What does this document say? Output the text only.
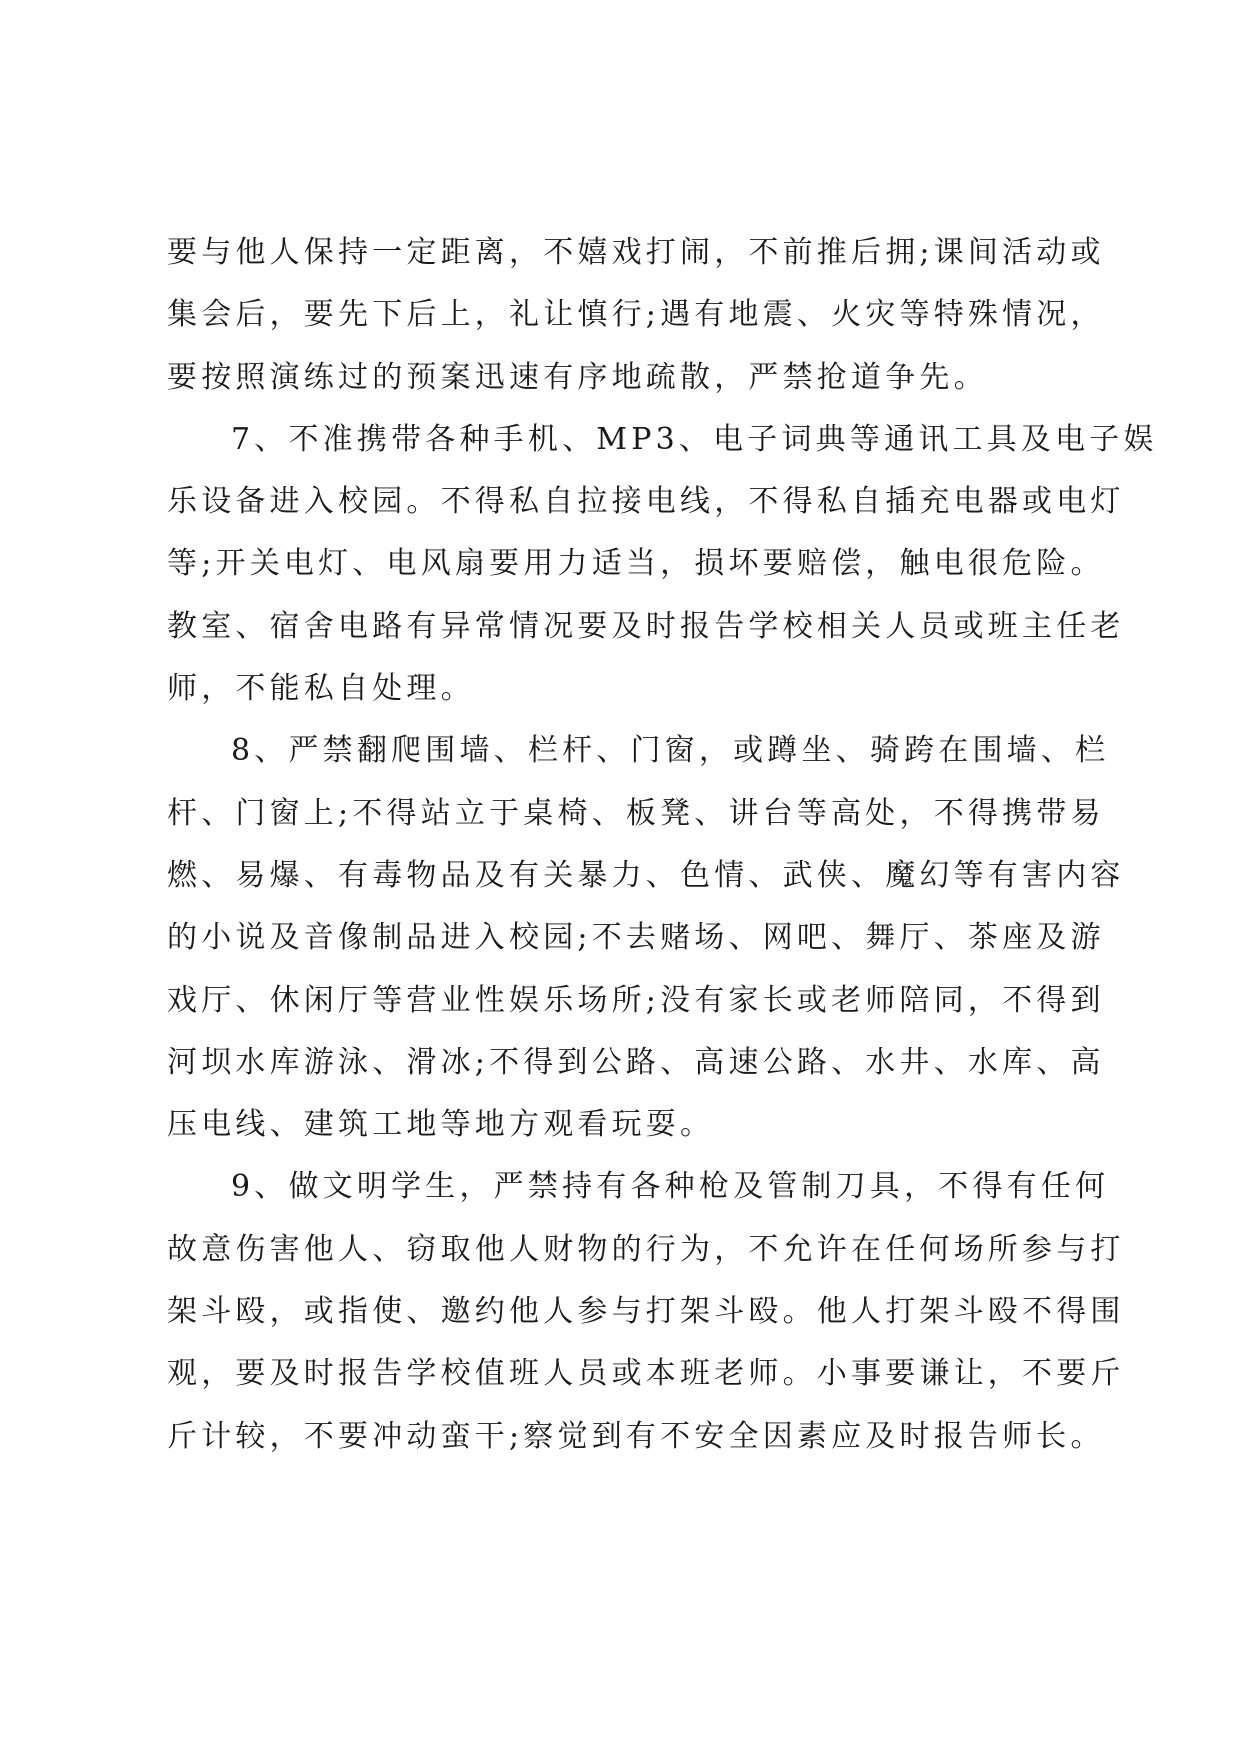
要与他人保持一定距离，不嬉戏打闹，不前推后拥;课间活动或
集会后，要先下后上，礼让慎行;遇有地震、火灾等特殊情况，
要按照演练过的预案迅速有序地疏散，严禁抢道争先。
7、不准携带各种手机、MP3、电子词典等通讯工具及电子娱
乐设备进入校园。不得私自拉接电线，不得私自插充电器或电灯
等;开关电灯、电风扇要用力适当，损坏要赔偿，触电很危险。
教室、宿舍电路有异常情况要及时报告学校相关人员或班主任老
师，不能私自处理。
8、严禁翻爬围墙、栏杆、门窗，或蹲坐、骑跨在围墙、栏
杆、门窗上;不得站立于桌椅、板凳、讲台等高处，不得携带易
燃、易爆、有毒物品及有关暴力、色情、武侠、魔幻等有害内容
的小说及音像制品进入校园;不去赌场、网吧、舞厅、茶座及游
戏厅、休闲厅等营业性娱乐场所;没有家长或老师陪同，不得到
河坝水库游泳、滑冰;不得到公路、高速公路、水井、水库、高
压电线、建筑工地等地方观看玩耍。
9、做文明学生，严禁持有各种枪及管制刀具，不得有任何
故意伤害他人、窃取他人财物的行为，不允许在任何场所参与打
架斗殴，或指使、邀约他人参与打架斗殴。他人打架斗殴不得围
观，要及时报告学校值班人员或本班老师。小事要谦让，不要斤
斤计较，不要冲动蛮干;察觉到有不安全因素应及时报告师长。
